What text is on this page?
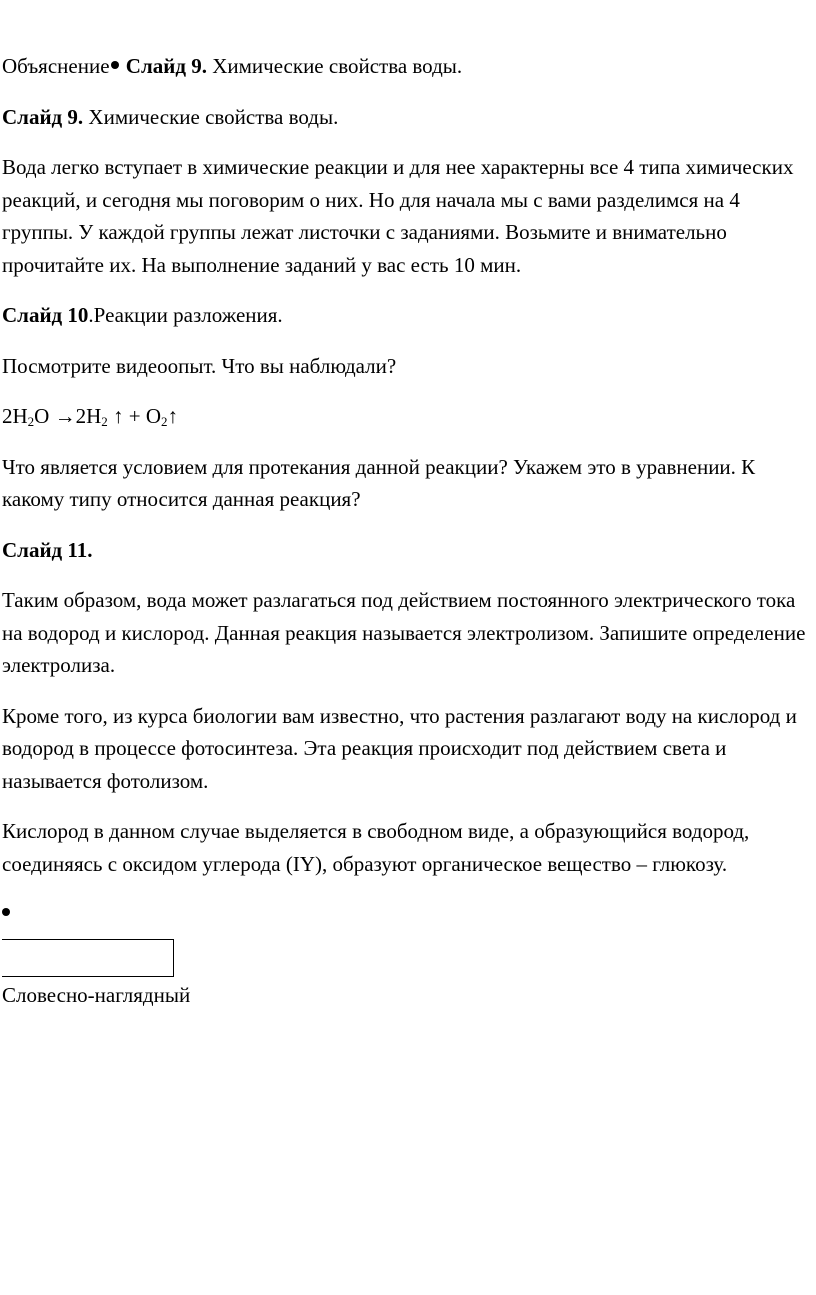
Объяснение Слайд 9. Химические свойства воды.

Слайд 9. Химические свойства воды.

Вода легко вступает в химические реакции и для нее характерны все 4 типа химических реакций, и сегодня мы поговорим о них. Но для начала мы с вами разделимся на 4 группы. У каждой группы лежат листочки с заданиями. Возьмите и внимательно прочитайте их. На выполнение заданий у вас есть 10 мин.

Слайд 10.Реакции разложения.

Посмотрите видеоопыт. Что вы наблюдали?

$2H_2O \to 2H_2$ ↑ + $O_2↑$

Что является условием для протекания данной реакции? Укажем это в уравнении. К какому типу относится данная реакция?

Слайд 11.

Таким образом, вода может разлагаться под действием постоянного электрического тока на водород и кислород. Данная реакция называется электролизом. Запишите определение электролиза.

Кроме того, из курса биологии вам известно, что растения разлагают воду на кислород и водород в процессе фотосинтеза. Эта реакция происходит под действием света и называется фотолизом.

Кислород в данном случае выделяется в свободном виде, а образующийся водород, соединяясь с оксидом углерода (IY), образуют органическое вещество – глюкозу.

Словесно-наглядный
